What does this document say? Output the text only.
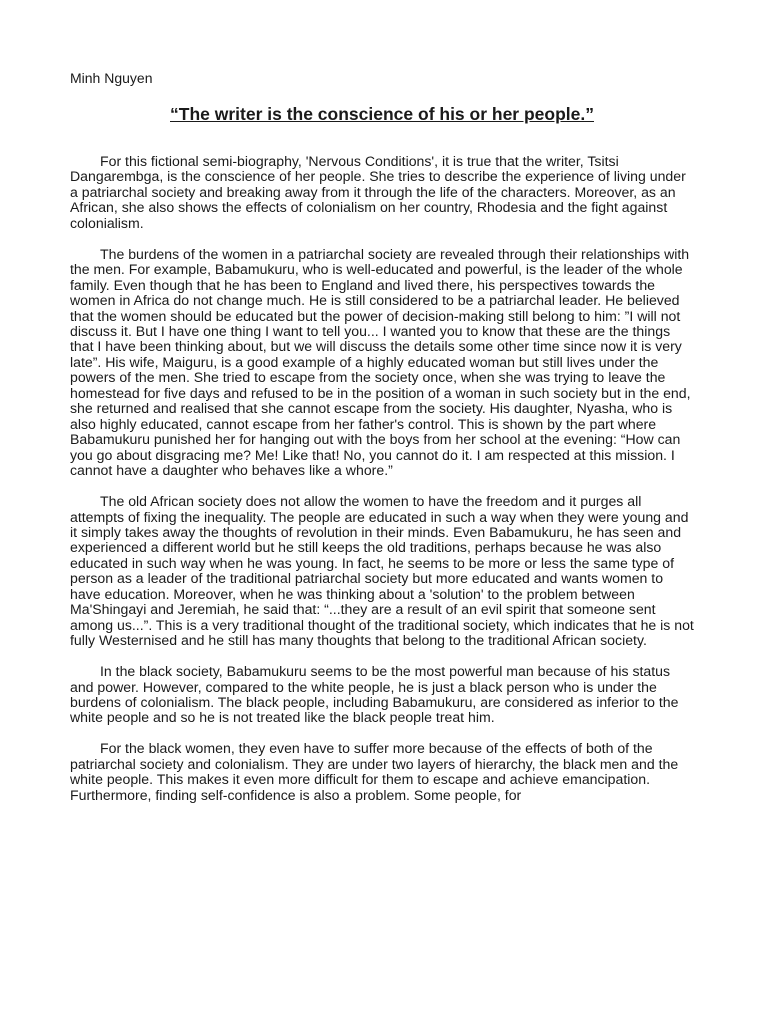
Minh Nguyen

“The writer is the conscience of his or her people.”

For this fictional semi-biography, 'Nervous Conditions', it is true that the writer, Tsitsi Dangarembga, is the conscience of her people. She tries to describe the experience of living under a patriarchal society and breaking away from it through the life of the characters. Moreover, as an African, she also shows the effects of colonialism on her country, Rhodesia and the fight against colonialism.

The burdens of the women in a patriarchal society are revealed through their relationships with the men. For example, Babamukuru, who is well-educated and powerful, is the leader of the whole family. Even though that he has been to England and lived there, his perspectives towards the women in Africa do not change much. He is still considered to be a patriarchal leader. He believed that the women should be educated but the power of decision-making still belong to him: ”I will not discuss it. But I have one thing I want to tell you... I wanted you to know that these are the things that I have been thinking about, but we will discuss the details some other time since now it is very late”. His wife, Maiguru, is a good example of a highly educated woman but still lives under the powers of the men. She tried to escape from the society once, when she was trying to leave the homestead for five days and refused to be in the position of a woman in such society but in the end, she returned and realised that she cannot escape from the society. His daughter, Nyasha, who is also highly educated, cannot escape from her father's control. This is shown by the part where Babamukuru punished her for hanging out with the boys from her school at the evening: “How can you go about disgracing me? Me! Like that! No, you cannot do it. I am respected at this mission. I cannot have a daughter who behaves like a whore.”

The old African society does not allow the women to have the freedom and it purges all attempts of fixing the inequality. The people are educated in such a way when they were young and it simply takes away the thoughts of revolution in their minds. Even Babamukuru, he has seen and experienced a different world but he still keeps the old traditions, perhaps because he was also educated in such way when he was young. In fact, he seems to be more or less the same type of person as a leader of the traditional patriarchal society but more educated and wants women to have education. Moreover, when he was thinking about a 'solution' to the problem between Ma'Shingayi and Jeremiah, he said that: “...they are a result of an evil spirit that someone sent among us...”. This is a very traditional thought of the traditional society, which indicates that he is not fully Westernised and he still has many thoughts that belong to the traditional African society.

In the black society, Babamukuru seems to be the most powerful man because of his status and power. However, compared to the white people, he is just a black person who is under the burdens of colonialism. The black people, including Babamukuru, are considered as inferior to the white people and so he is not treated like the black people treat him.

For the black women, they even have to suffer more because of the effects of both of the patriarchal society and colonialism. They are under two layers of hierarchy, the black men and the white people. This makes it even more difficult for them to escape and achieve emancipation. Furthermore, finding self-confidence is also a problem. Some people, for
